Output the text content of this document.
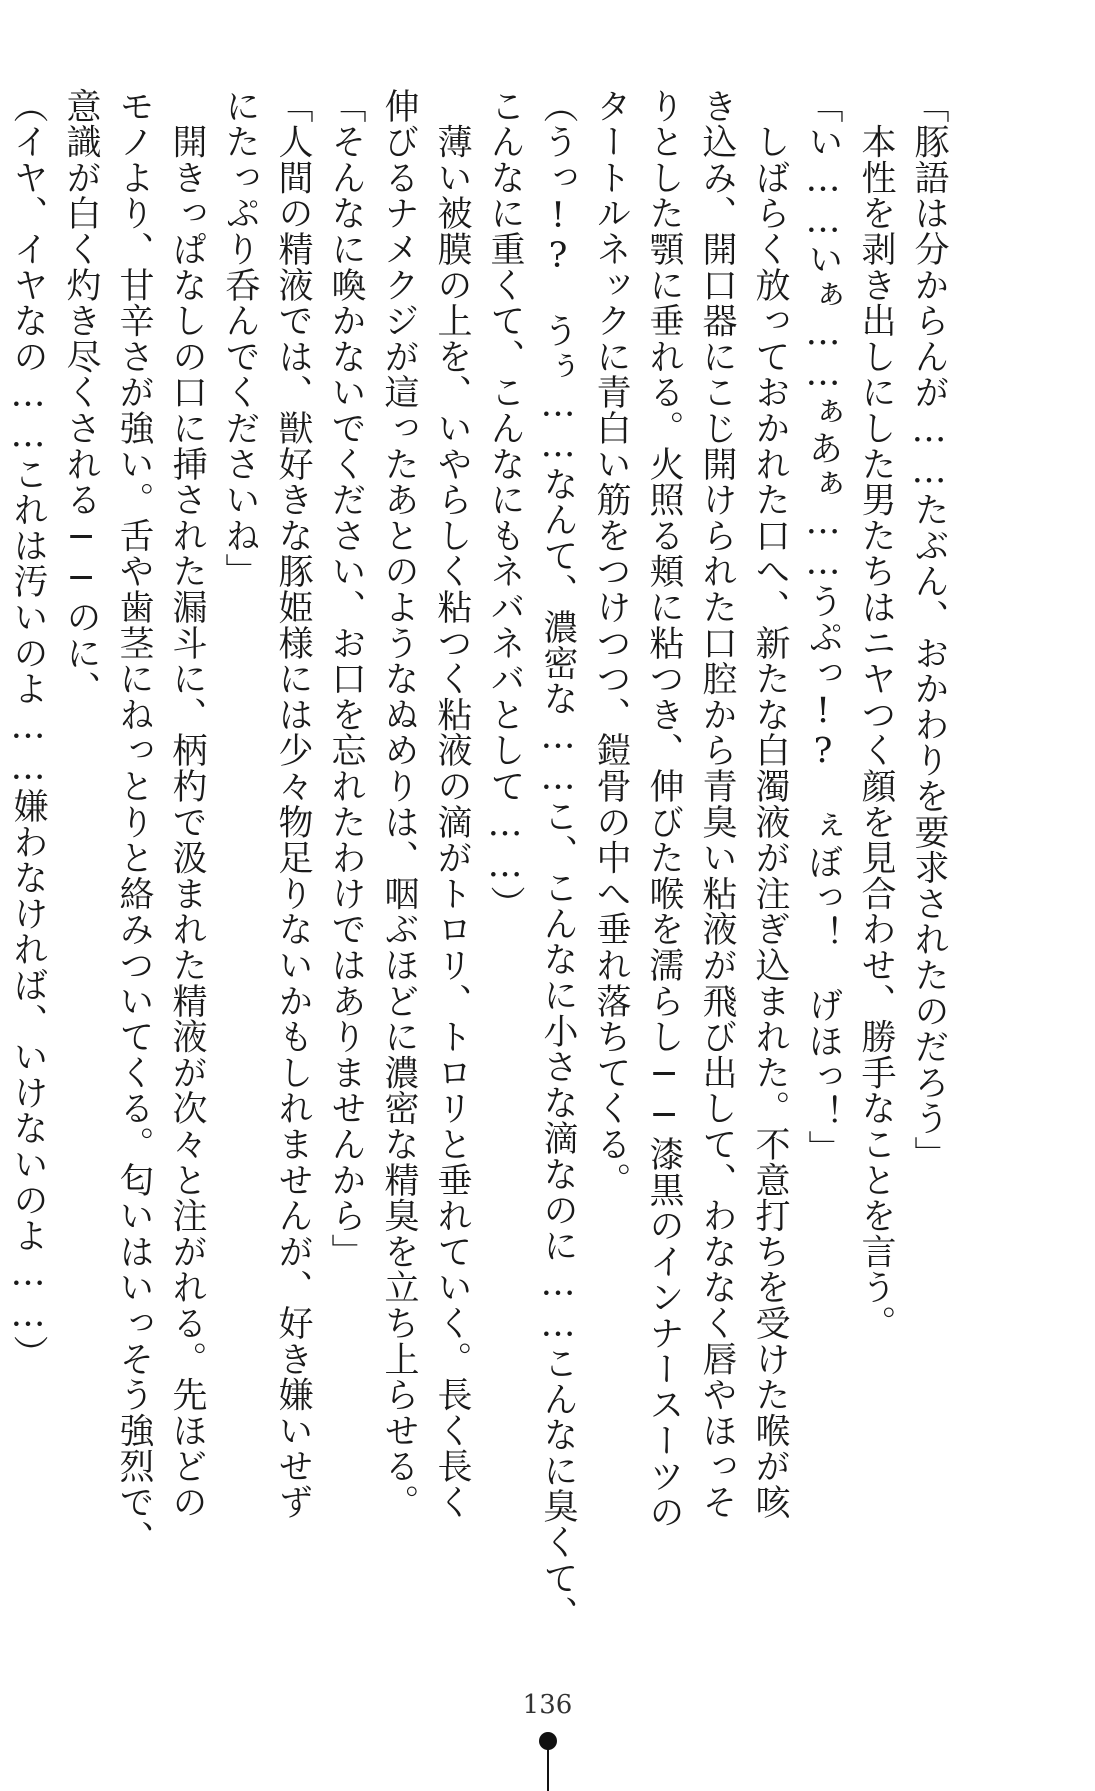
「豚語は分からんが……たぶん、おかわりを要求されたのだろう」
　本性を剥き出しにした男たちはニヤつく顔を見合わせ、勝手なことを言う。
「い……いぁ……ぁあぁ……うぷっ!?　ぇぼっ！　げほっ！」
　しばらく放っておかれた口へ、新たな白濁液が注ぎ込まれた。不意打ちを受けた喉が咳
き込み、開口器にこじ開けられた口腔から青臭い粘液が飛び出して、わななく唇やほっそ
りとした顎に垂れる。火照る頬に粘つき、伸びた喉を濡らし──漆黒のインナースーツの
タートルネックに青白い筋をつけつつ、鎧骨の中へ垂れ落ちてくる。
（うっ!?　うぅ……なんて、濃密な……こ、こんなに小さな滴なのに……こんなに臭くて、
こんなに重くて、こんなにもネバネバとして……）
　薄い被膜の上を、いやらしく粘つく粘液の滴がトロリ、トロリと垂れていく。長く長く
伸びるナメクジが這ったあとのようなぬめりは、咽ぶほどに濃密な精臭を立ち上らせる。
「そんなに喚かないでください、お口を忘れたわけではありませんから」
「人間の精液では、獣好きな豚姫様には少々物足りないかもしれませんが、好き嫌いせず
にたっぷり呑んでくださいね」
　開きっぱなしの口に挿された漏斗に、柄杓で汲まれた精液が次々と注がれる。先ほどの
モノより、甘辛さが強い。舌や歯茎にねっとりと絡みついてくる。匂いはいっそう強烈で、
意識が白く灼き尽くされる──のに、
（イヤ、イヤなの……これは汚いのよ……嫌わなければ、いけないのよ……）
136
